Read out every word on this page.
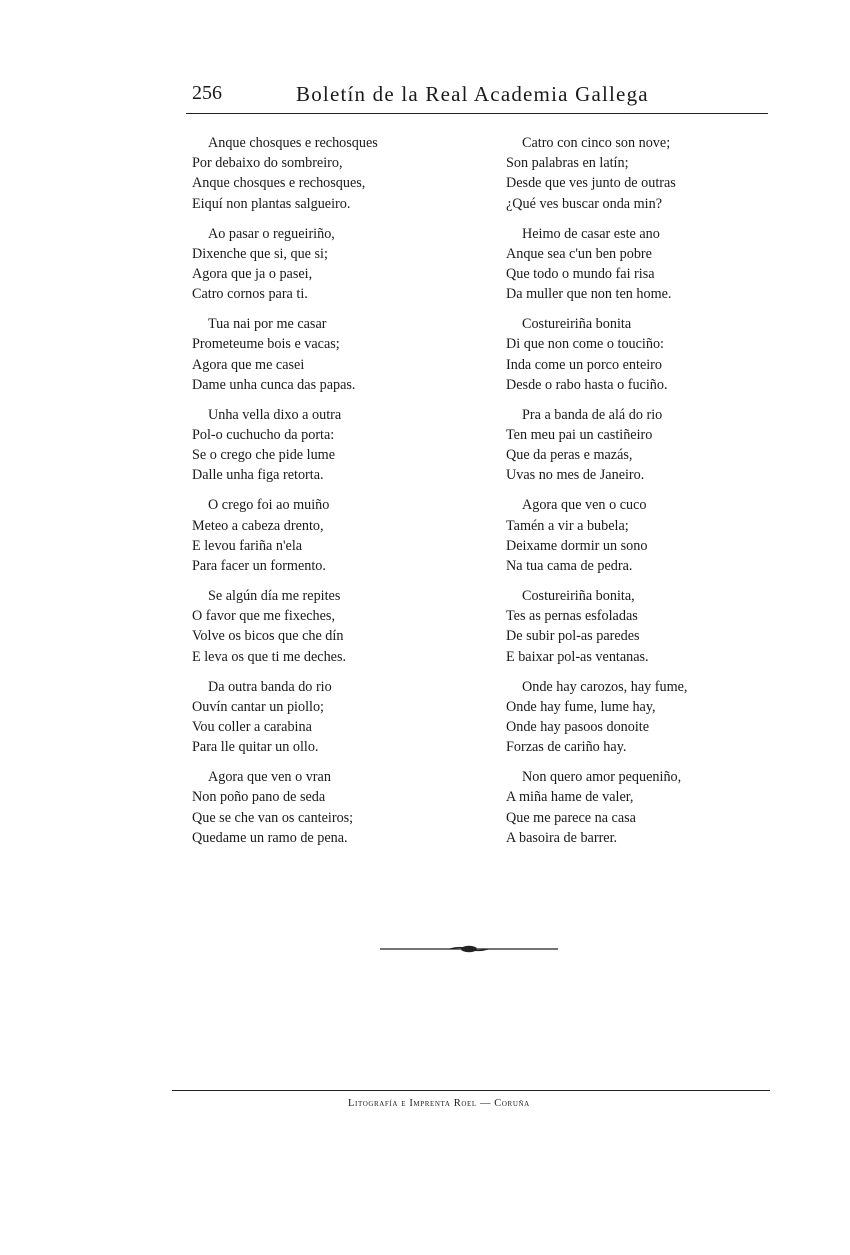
256	Boletín de la Real Academia Gallega
Anque chosques e rechosques
Por debaixo do sombreiro,
Anque chosques e rechosques,
Eiquí non plantas salgueiro.
Ao pasar o regueiriño,
Dixenche que si, que si;
Agora que ja o pasei,
Catro cornos para ti.
Tua nai por me casar
Prometeume bois e vacas;
Agora que me casei
Dame unha cunca das papas.
Unha vella dixo a outra
Pol-o cuchucho da porta:
Se o crego che pide lume
Dalle unha figa retorta.
O crego foi ao muiño
Meteo a cabeza drento,
E levou fariña n'ela
Para facer un formento.
Se algún día me repites
O favor que me fixeches,
Volve os bicos que che dín
E leva os que ti me deches.
Da outra banda do rio
Ouvín cantar un piollo;
Vou coller a carabina
Para lle quitar un ollo.
Agora que ven o vran
Non poño pano de seda
Que se che van os canteiros;
Quedame un ramo de pena.
Catro con cinco son nove;
Son palabras en latín;
Desde que ves junto de outras
¿Qué ves buscar onda min?
Heimo de casar este ano
Anque sea c'un ben pobre
Que todo o mundo fai risa
Da muller que non ten home.
Costureiriña bonita
Di que non come o touciño:
Inda come un porco enteiro
Desde o rabo hasta o fuciño.
Pra a banda de alá do rio
Ten meu pai un castiñeiro
Que da peras e mazás,
Uvas no mes de Janeiro.
Agora que ven o cuco
Tamén a vir a bubela;
Deixame dormir un sono
Na tua cama de pedra.
Costureiriña bonita,
Tes as pernas esfoladas
De subir pol-as paredes
E baixar pol-as ventanas.
Onde hay carozos, hay fume,
Onde hay fume, lume hay,
Onde hay pasoos donoite
Forzas de cariño hay.
Non quero amor pequeniño,
A miña hame de valer,
Que me parece na casa
A basoira de barrer.
Litografía e Imprenta Roel — Coruña
